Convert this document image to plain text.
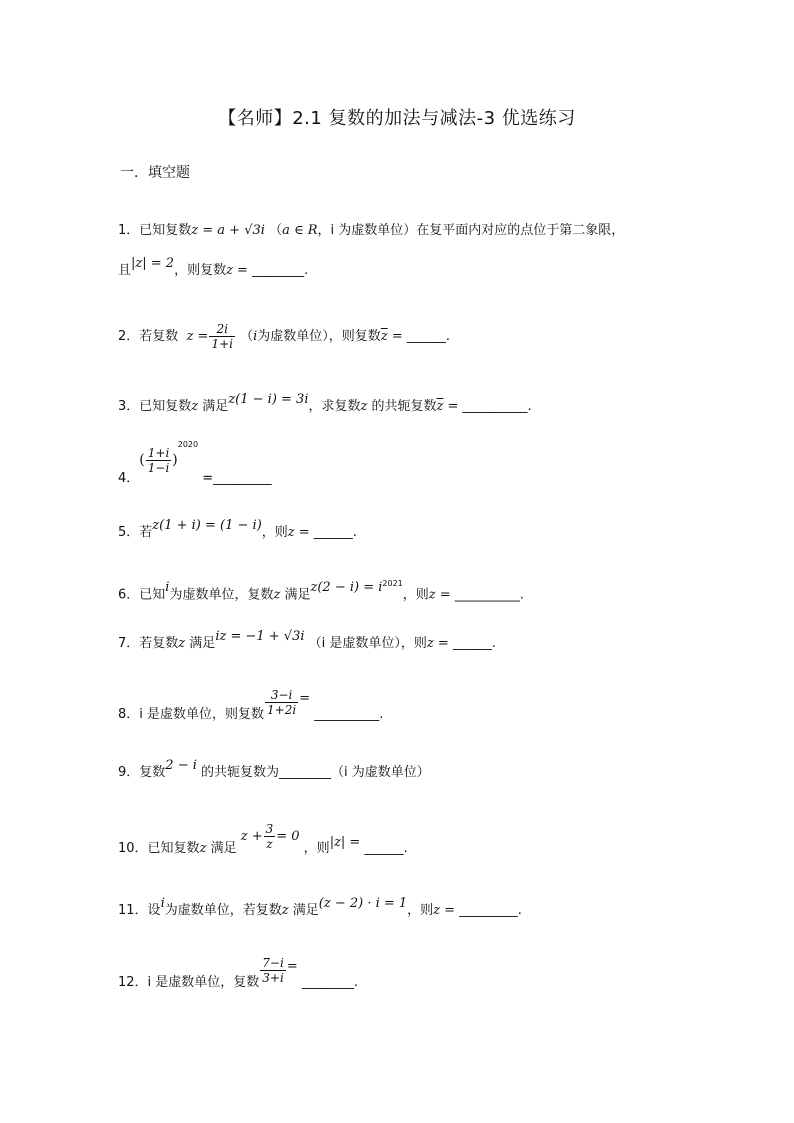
【名师】2.1 复数的加法与减法-3 优选练习
一．填空题
1．已知复数z = a + √3i （a ∈ R，i 为虚数单位）在复平面内对应的点位于第二象限，
且|z| = 2，则复数z = ________.
2．若复数 $z = \frac{2i}{1+i} (i$为虚数单位），则复数$\overline{z}$ = ______.
3．已知复数z 满足z(1 − i) = 3i，求复数z 的共轭复数$\overline{z}$ = __________.
4．( $\frac{1+i}{1-i} )^{2020}$ =_________
5．若z(1 + i) = (1 − i)，则z = ______.
6．已知i为虚数单位，复数z 满足$z(2 - i) = i^{2021}$，则z = __________.
7．若复数z 满足iz = −1 + √3i （i 是虚数单位），则z = ______.
8．i 是虚数单位，则复数 $\frac{3-i}{1+2i}$ = __________.
9．复数2 − i 的共轭复数为________（i 为虚数单位）
10．已知复数z 满足 $z + \frac{3}{z} = 0$ ，则|z| = ______.
11．设i为虚数单位，若复数z 满足(z − 2) · i = 1，则z = _________.
12．i 是虚数单位，复数 $\frac{7-i}{3+i}$ = ________.
